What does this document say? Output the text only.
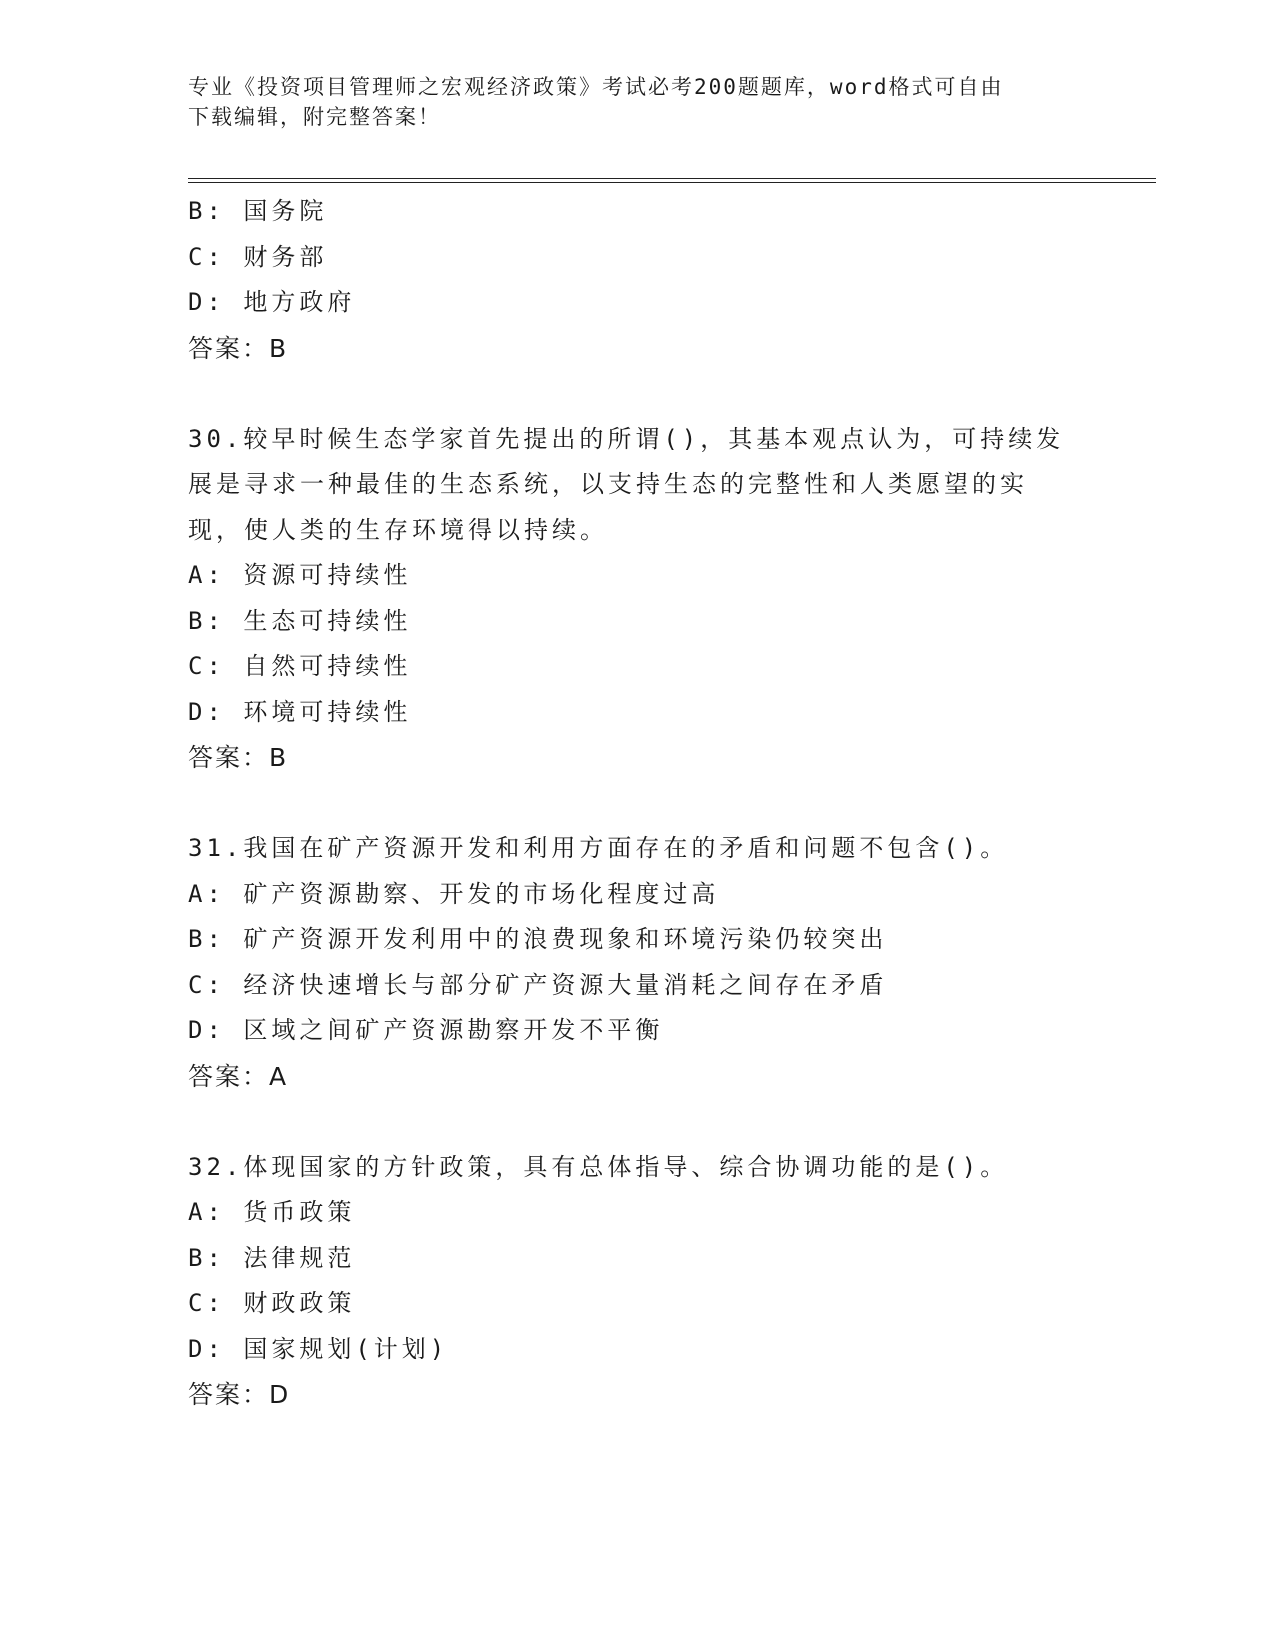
专业《投资项目管理师之宏观经济政策》考试必考200题题库，word格式可自由
下载编辑，附完整答案！
B: 国务院
C: 财务部
D: 地方政府
答案：B
30.较早时候生态学家首先提出的所谓()，其基本观点认为，可持续发
展是寻求一种最佳的生态系统，以支持生态的完整性和人类愿望的实
现，使人类的生存环境得以持续。
A: 资源可持续性
B: 生态可持续性
C: 自然可持续性
D: 环境可持续性
答案：B
31.我国在矿产资源开发和利用方面存在的矛盾和问题不包含()。
A: 矿产资源勘察、开发的市场化程度过高
B: 矿产资源开发利用中的浪费现象和环境污染仍较突出
C: 经济快速增长与部分矿产资源大量消耗之间存在矛盾
D: 区域之间矿产资源勘察开发不平衡
答案：A
32.体现国家的方针政策，具有总体指导、综合协调功能的是()。
A: 货币政策
B: 法律规范
C: 财政政策
D: 国家规划(计划)
答案：D
